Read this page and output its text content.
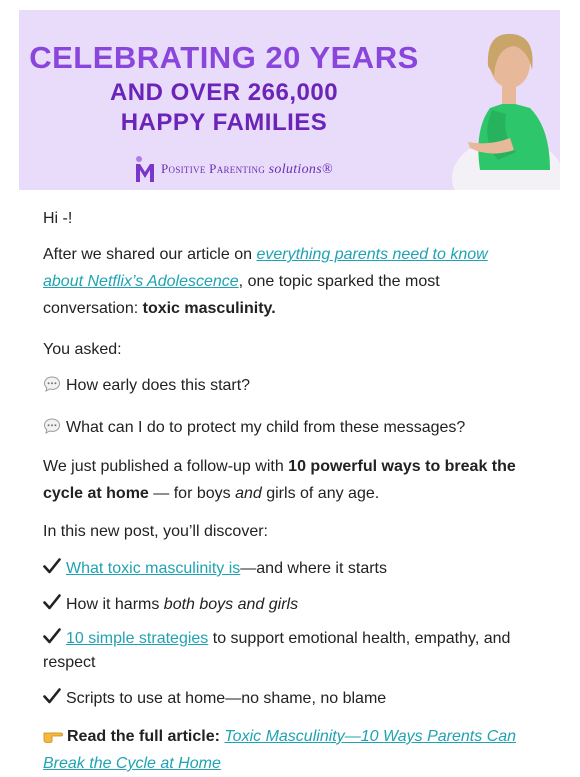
CELEBRATING 20 YEARS
AND OVER 266,000
HAPPY FAMILIES
Positive Parenting solutions®

Hi -!

After we shared our article on everything parents need to know about Netflix’s Adolescence, one topic sparked the most conversation: toxic masculinity.

You asked:

How early does this start?

What can I do to protect my child from these messages?

We just published a follow-up with 10 powerful ways to break the cycle at home — for boys and girls of any age.

In this new post, you’ll discover:

What toxic masculinity is—and where it starts

How it harms both boys and girls

10 simple strategies to support emotional health, empathy, and respect

Scripts to use at home—no shame, no blame

Read the full article: Toxic Masculinity—10 Ways Parents Can Break the Cycle at Home
